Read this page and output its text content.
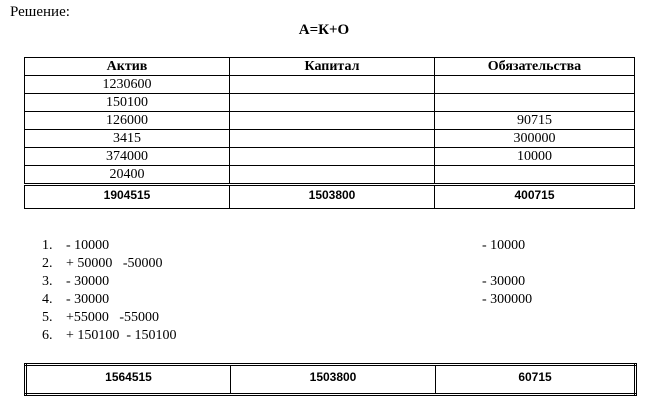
Решение:
А=К+О
Актив	Капитал	Обязательства
1230600		
150100		
126000		90715
3415		300000
374000		10000
20400		
1904515	1503800	400715
1. - 10000	- 10000
2. + 50000   -50000
3. - 30000	- 30000
4. - 30000	- 300000
5. +55000   -55000
6. + 150100  - 150100
1564515	1503800	60715
